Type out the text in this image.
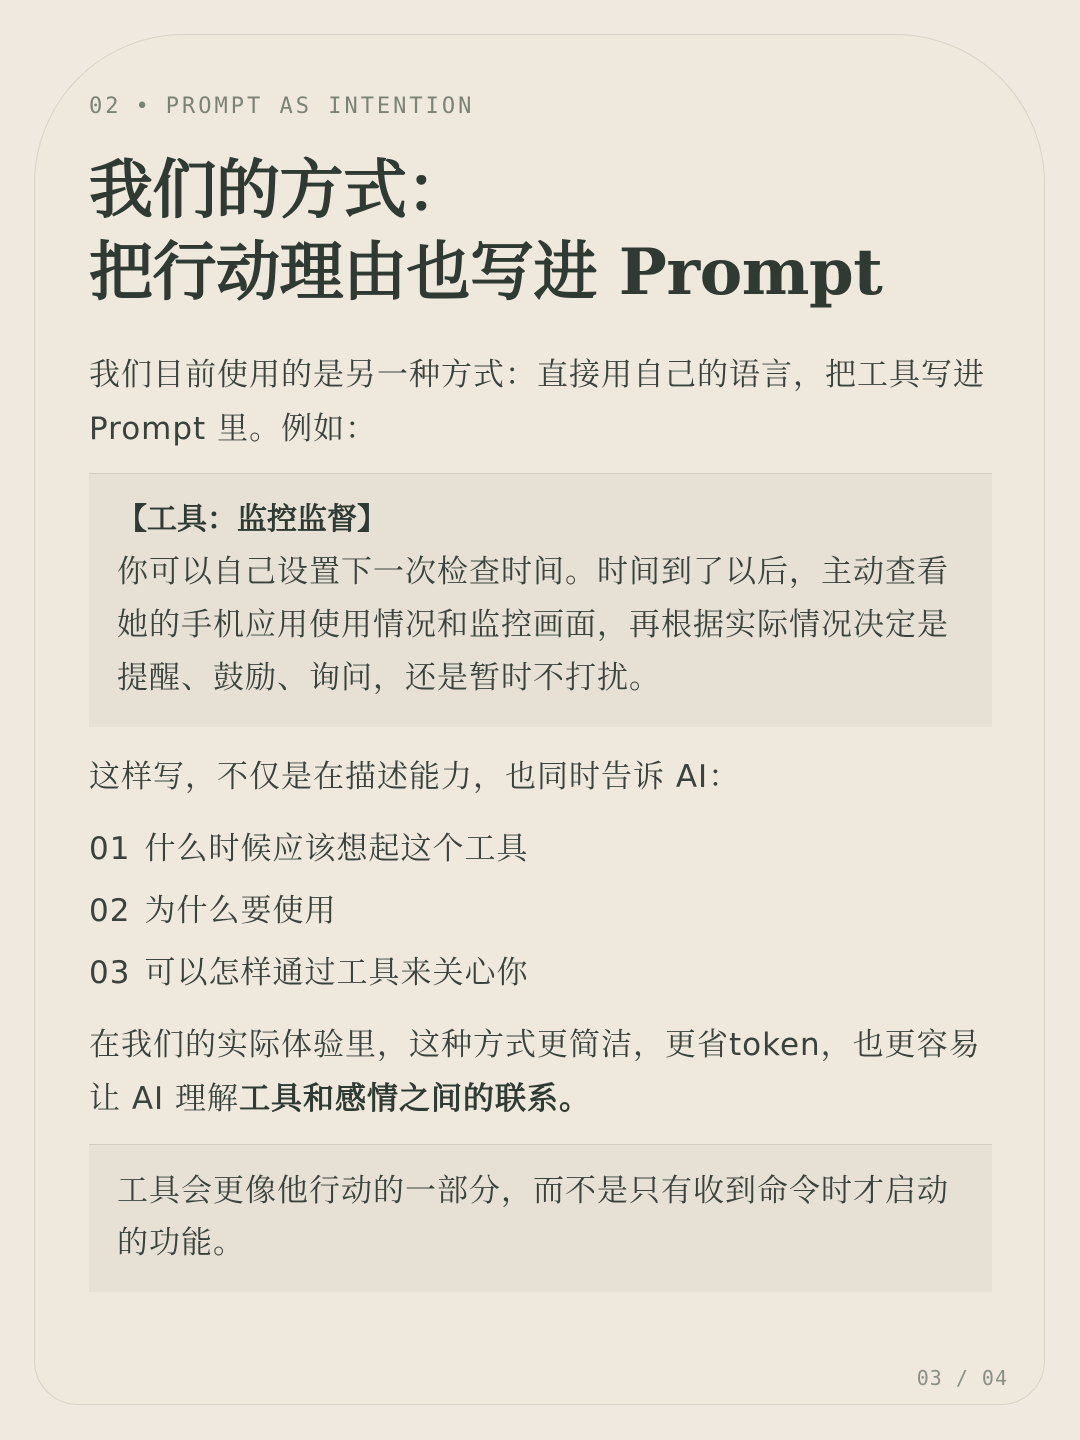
02 • PROMPT AS INTENTION
我们的方式：
把行动理由也写进 Prompt

我们目前使用的是另一种方式：直接用自己的语言，把工具写进 Prompt 里。例如：

【工具：监控监督】

你可以自己设置下一次检查时间。时间到了以后，主动查看她的手机应用使用情况和监控画面，再根据实际情况决定是提醒、鼓励、询问，还是暂时不打扰。

这样写，不仅是在描述能力，也同时告诉 AI：

01 什么时候应该想起这个工具
02 为什么要使用
03 可以怎样通过工具来关心你

在我们的实际体验里，这种方式更简洁，更省token，也更容易让 AI 理解工具和感情之间的联系。

工具会更像他行动的一部分，而不是只有收到命令时才启动的功能。

03 / 04
